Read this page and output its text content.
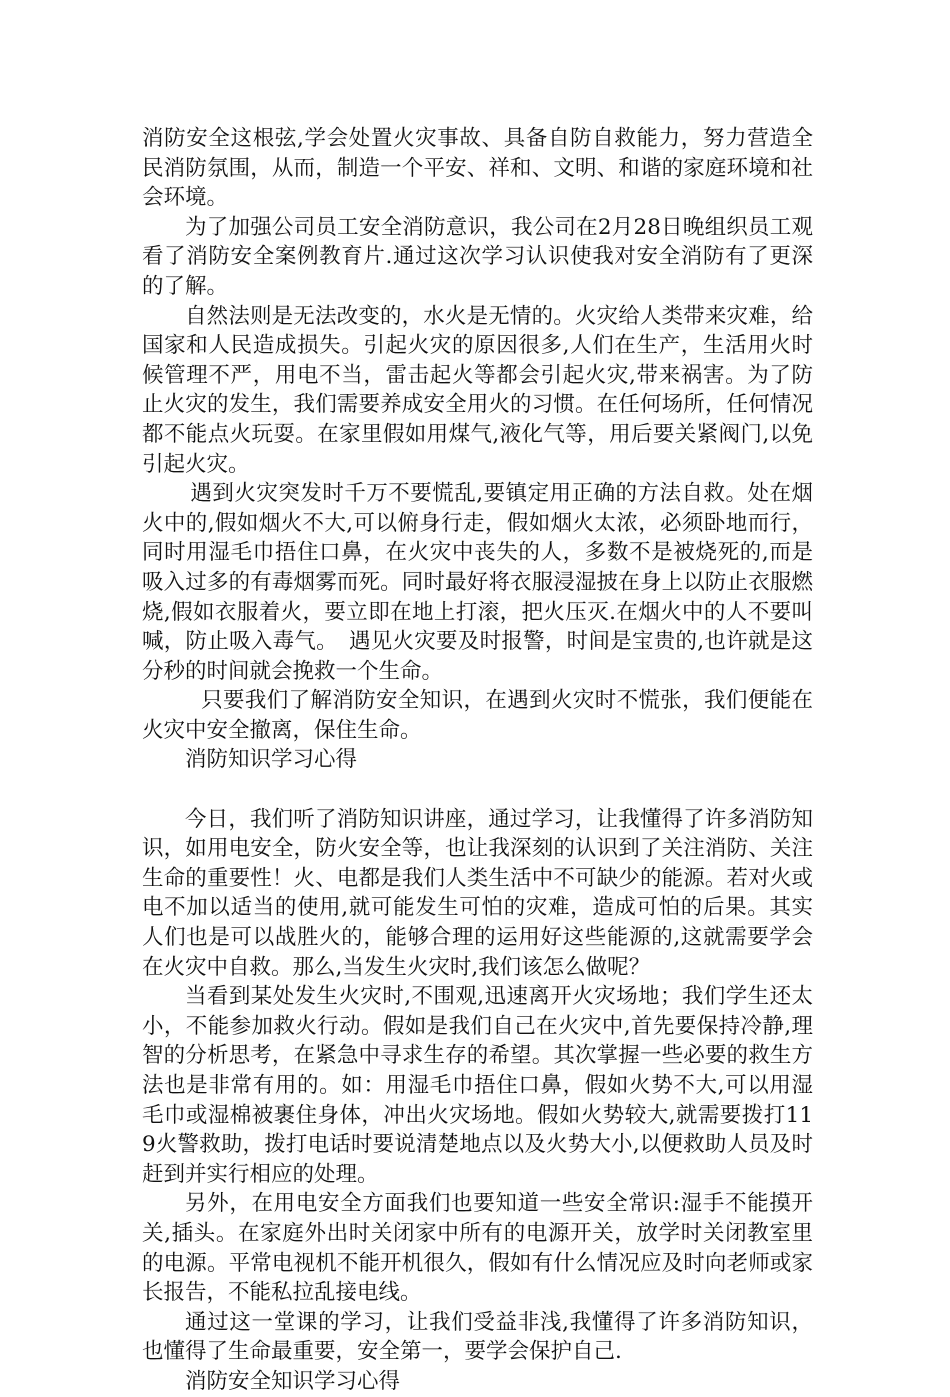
消防安全这根弦,学会处置火灾事故、具备自防自救能力，努力营造全民消防氛围，从而，制造一个平安、祥和、文明、和谐的家庭环境和社会环境。

为了加强公司员工安全消防意识，我公司在2月28日晚组织员工观看了消防安全案例教育片.通过这次学习认识使我对安全消防有了更深的了解。

自然法则是无法改变的，水火是无情的。火灾给人类带来灾难，给国家和人民造成损失。引起火灾的原因很多,人们在生产，生活用火时候管理不严，用电不当，雷击起火等都会引起火灾,带来祸害。为了防止火灾的发生，我们需要养成安全用火的习惯。在任何场所，任何情况都不能点火玩耍。在家里假如用煤气,液化气等，用后要关紧阀门,以免引起火灾。

遇到火灾突发时千万不要慌乱,要镇定用正确的方法自救。处在烟火中的,假如烟火不大,可以俯身行走，假如烟火太浓，必须卧地而行，同时用湿毛巾捂住口鼻，在火灾中丧失的人，多数不是被烧死的,而是吸入过多的有毒烟雾而死。同时最好将衣服浸湿披在身上以防止衣服燃烧,假如衣服着火，要立即在地上打滚，把火压灭.在烟火中的人不要叫喊，防止吸入毒气。　遇见火灾要及时报警，时间是宝贵的,也许就是这分秒的时间就会挽救一个生命。

只要我们了解消防安全知识，在遇到火灾时不慌张，我们便能在火灾中安全撤离，保住生命。

消防知识学习心得

今日，我们听了消防知识讲座，通过学习，让我懂得了许多消防知识，如用电安全，防火安全等，也让我深刻的认识到了关注消防、关注生命的重要性！火、电都是我们人类生活中不可缺少的能源。若对火或电不加以适当的使用,就可能发生可怕的灾难，造成可怕的后果。其实人们也是可以战胜火的，能够合理的运用好这些能源的,这就需要学会在火灾中自救。那么,当发生火灾时,我们该怎么做呢？

当看到某处发生火灾时,不围观,迅速离开火灾场地；我们学生还太小，不能参加救火行动。假如是我们自己在火灾中,首先要保持冷静,理智的分析思考，在紧急中寻求生存的希望。其次掌握一些必要的救生方法也是非常有用的。如：用湿毛巾捂住口鼻，假如火势不大,可以用湿毛巾或湿棉被裹住身体，冲出火灾场地。假如火势较大,就需要拨打119火警救助，拨打电话时要说清楚地点以及火势大小,以便救助人员及时赶到并实行相应的处理。

另外，在用电安全方面我们也要知道一些安全常识:湿手不能摸开关,插头。在家庭外出时关闭家中所有的电源开关，放学时关闭教室里的电源。平常电视机不能开机很久，假如有什么情况应及时向老师或家长报告，不能私拉乱接电线。

通过这一堂课的学习，让我们受益非浅,我懂得了许多消防知识，也懂得了生命最重要，安全第一，要学会保护自己.

消防安全知识学习心得
